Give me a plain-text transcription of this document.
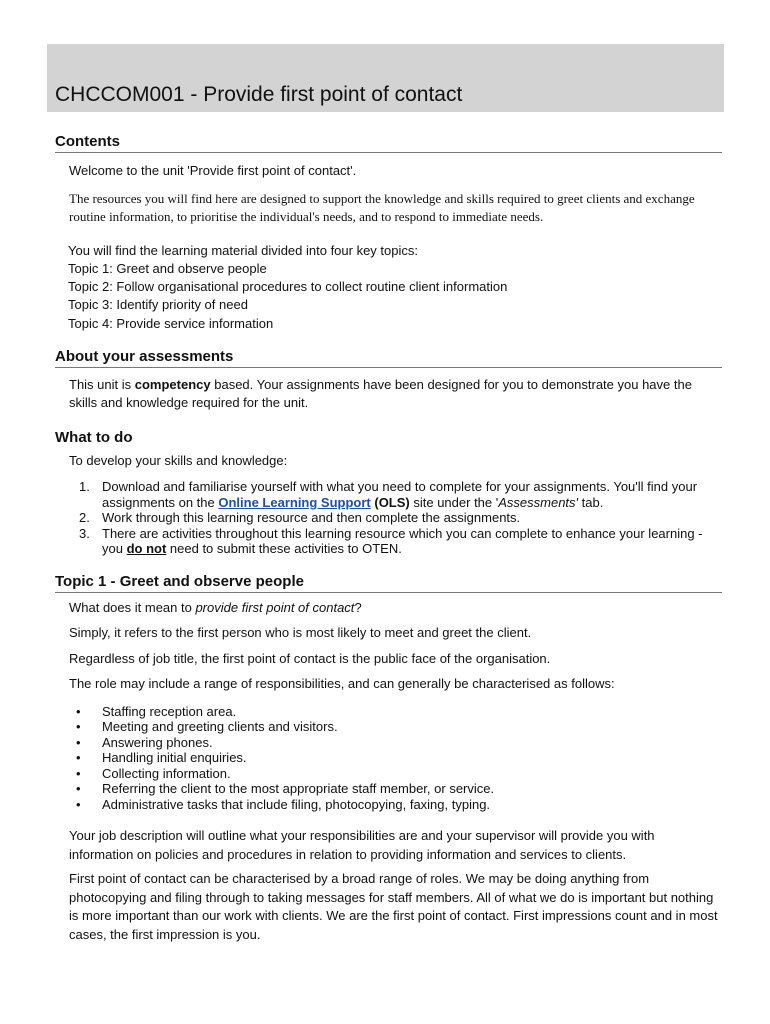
CHCCOM001 - Provide first point of contact
Contents

Welcome to the unit 'Provide first point of contact'.

The resources you will find here are designed to support the knowledge and skills required to greet clients and exchange routine information, to prioritise the individual's needs, and to respond to immediate needs.

You will find the learning material divided into four key topics:

Topic 1: Greet and observe people

Topic 2: Follow organisational procedures to collect routine client information

Topic 3: Identify priority of need

Topic 4: Provide service information

About your assessments

This unit is competency based. Your assignments have been designed for you to demonstrate you have the skills and knowledge required for the unit.

What to do

To develop your skills and knowledge:

1. Download and familiarise yourself with what you need to complete for your assignments. You'll find your assignments on the Online Learning Support (OLS) site under the 'Assessments' tab.
2. Work through this learning resource and then complete the assignments.
3. There are activities throughout this learning resource which you can complete to enhance your learning - you do not need to submit these activities to OTEN.
Topic 1 - Greet and observe people

What does it mean to provide first point of contact?

Simply, it refers to the first person who is most likely to meet and greet the client.

Regardless of job title, the first point of contact is the public face of the organisation.

The role may include a range of responsibilities, and can generally be characterised as follows:

• Staffing reception area.
• Meeting and greeting clients and visitors.
• Answering phones.
• Handling initial enquiries.
• Collecting information.
• Referring the client to the most appropriate staff member, or service.
• Administrative tasks that include filing, photocopying, faxing, typing.

Your job description will outline what your responsibilities are and your supervisor will provide you with information on policies and procedures in relation to providing information and services to clients.

First point of contact can be characterised by a broad range of roles. We may be doing anything from photocopying and filing through to taking messages for staff members. All of what we do is important but nothing is more important than our work with clients. We are the first point of contact. First impressions count and in most cases, the first impression is you.
